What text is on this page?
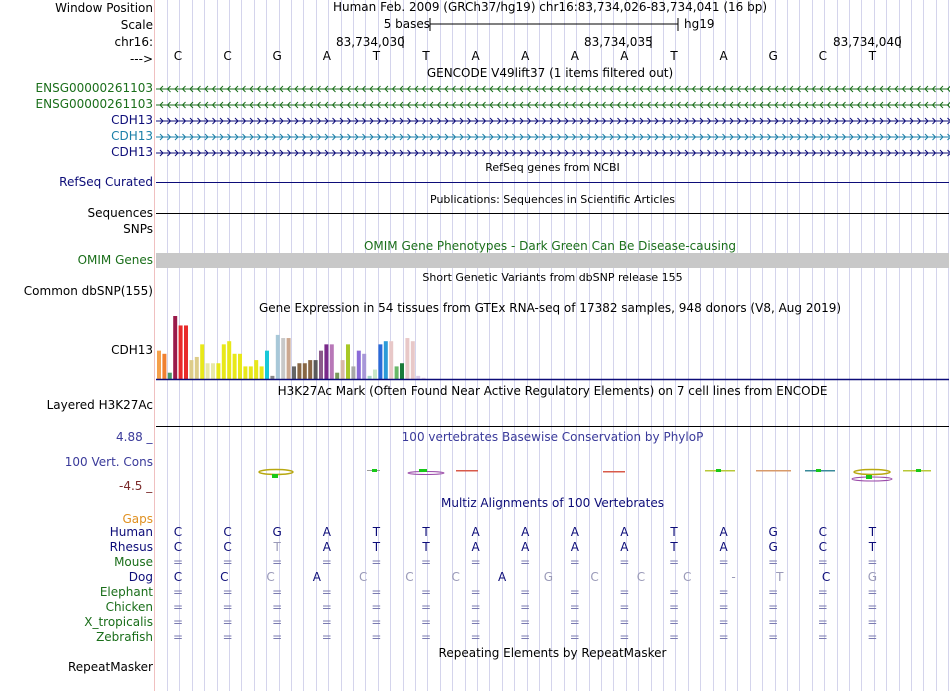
Window Position	Human Feb. 2009 (GRCh37/hg19) chr16:83,734,026-83,734,041 (16 bp)
Scale	5 bases	hg19
chr16:	83,734,030	83,734,035	83,734,040
--->
GENCODE V49lift37 (1 items filtered out)
RefSeq genes from NCBI
RefSeq Curated
Publications: Sequences in Scientific Articles
Sequences
SNPs
OMIM Gene Phenotypes - Dark Green Can Be Disease-causing
OMIM Genes
Short Genetic Variants from dbSNP release 155
Common dbSNP(155)
Gene Expression in 54 tissues from GTEx RNA-seq of 17382 samples, 948 donors (V8, Aug 2019)
CDH13
H3K27Ac Mark (Often Found Near Active Regulatory Elements) on 7 cell lines from ENCODE
Layered H3K27Ac
100 vertebrates Basewise Conservation by PhyloP
4.88 _
100 Vert. Cons
-4.5 _
Multiz Alignments of 100 Vertebrates
Gaps
Repeating Elements by RepeatMasker
RepeatMasker
C	C	G	A	T	T	A	A	A	A	T	A	G	C	T
ENSG00000261103
ENSG00000261103
CDH13
CDH13
CDH13
Human	C	C	G	A	T	T	A	A	A	A	T	A	G	C	T
Rhesus	C	C	T	A	T	T	A	A	A	A	T	A	G	C	T
Mouse	=	=	=	=	=	=	=	=	=	=	=	=	=	=	=
Dog	C	C	C	A	C	C	C	A	G	C	C	C	-	T	C	G
Elephant	=	=	=	=	=	=	=	=	=	=	=	=	=	=	=
Chicken	=	=	=	=	=	=	=	=	=	=	=	=	=	=	=
X_tropicalis	=	=	=	=	=	=	=	=	=	=	=	=	=	=	=
Zebrafish	=	=	=	=	=	=	=	=	=	=	=	=	=	=	=
